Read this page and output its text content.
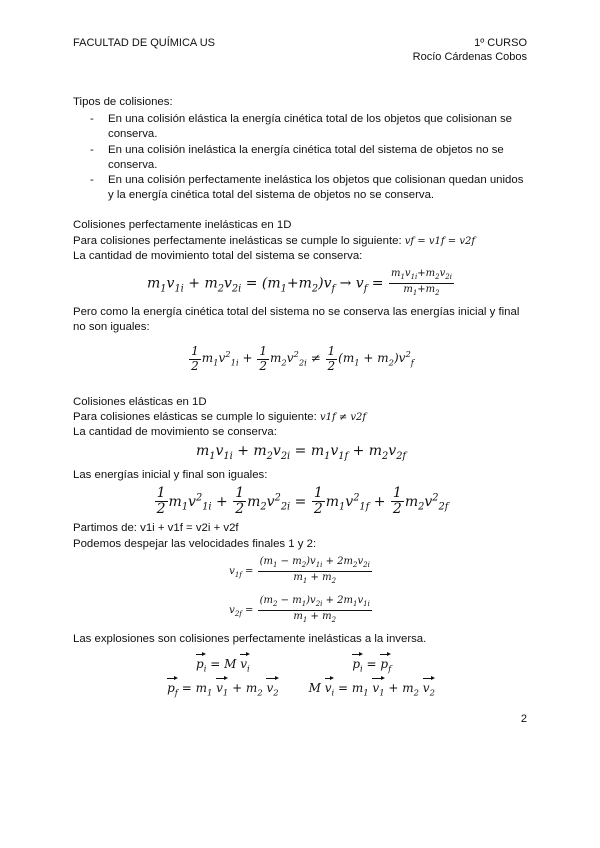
FACULTAD DE QUÍMICA US	1º CURSO
Rocío Cárdenas Cobos

Tipos de colisiones:

- En una colisión elástica la energía cinética total de los objetos que colisionan se conserva.
- En una colisión inelástica la energía cinética total del sistema de objetos no se conserva.
- En una colisión perfectamente inelástica los objetos que colisionan quedan unidos y la energía cinética total del sistema de objetos no se conserva.

Colisiones perfectamente inelásticas en 1D

Para colisiones perfectamente inelásticas se cumple lo siguiente: vf = v1f = v2f

La cantidad de movimiento total del sistema se conserva:

$m_1v_{1i} + m_2v_{2i} = (m_1+m_2)v_f \to v_f = \frac{m_1v_{1i}+m_2v_{2i}}{m_1+m_2}$

Pero como la energía cinética total del sistema no se conserva las energías inicial y final no son iguales:

$\frac{1}{2} m_1v^2_{1i} + \frac{1}{2} m_2v^2_{2i} \ne \frac{1}{2} (m_1 + m_2)v^2_f$

Colisiones elásticas en 1D

Para colisiones elásticas se cumple lo siguiente: v1f ≠ v2f

La cantidad de movimiento se conserva:

$m_1v_{1i} + m_2v_{2i} = m_1v_{1f} + m_2v_{2f}$

Las energías inicial y final son iguales:

$\frac{1}{2} m_1v^2_{1i} + \frac{1}{2} m_2v^2_{2i} = \frac{1}{2} m_1v^2_{1f} + \frac{1}{2} m_2v^2_{2f}$

Partimos de: v1i + v1f = v2i + v2f

Podemos despejar las velocidades finales 1 y 2:

$v_{1f} = \frac{(m_1 - m_2)v_{1i} + 2m_2v_{2i}}{m_1 + m_2}$
$v_{2f} = \frac{(m_2 - m_1)v_{2i} + 2m_1v_{1i}}{m_1 + m_2}$

Las explosiones son colisiones perfectamente inelásticas a la inversa.

$p_i = M$ $v_i$
$p_f = m_1$ $v_1 + m_2$ $v_2$
$p_i = p_f$
M $v_i = m_1$ $v_1 + m_2$ $v_2$
2
